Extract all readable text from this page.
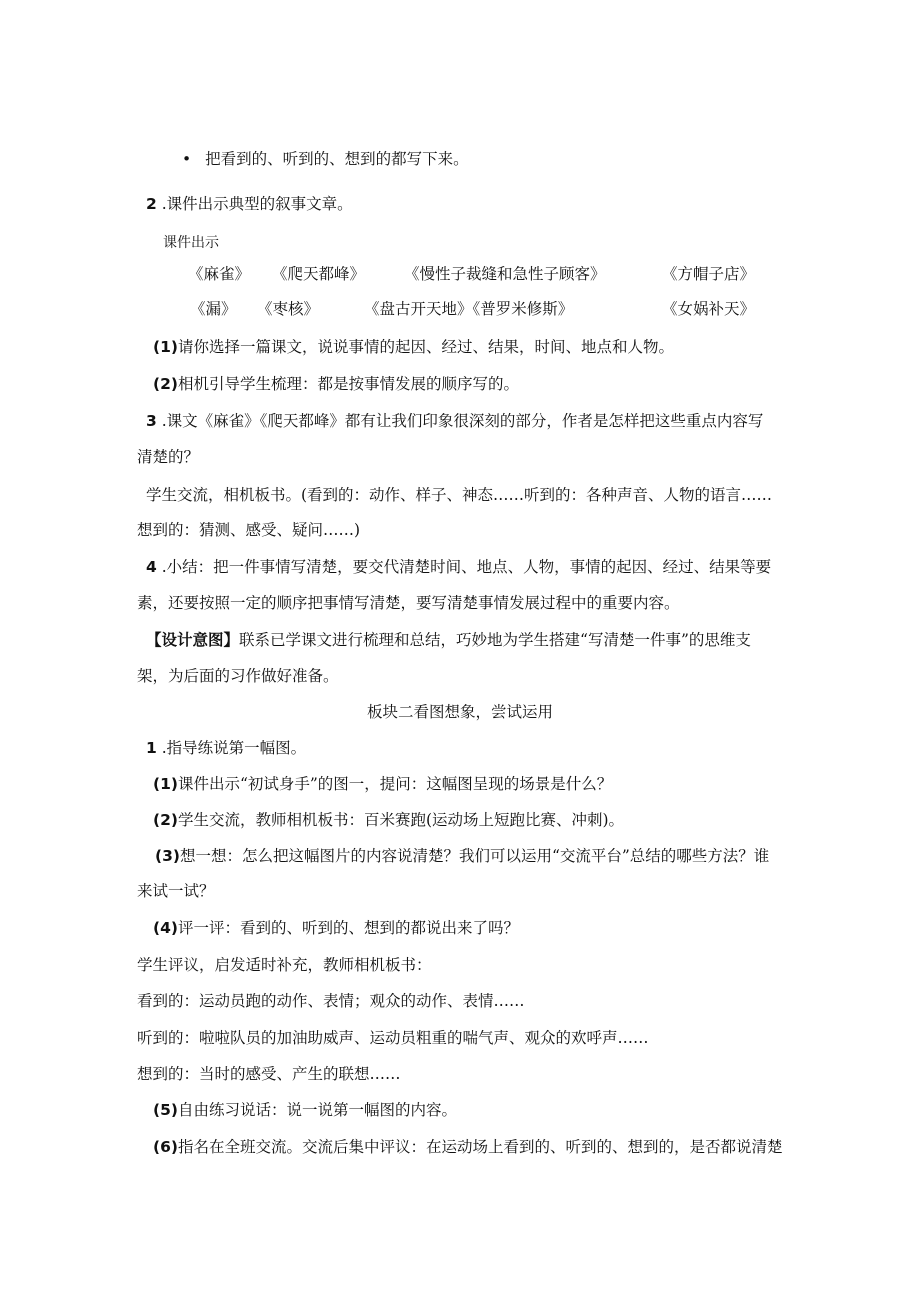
• 把看到的、听到的、想到的都写下来。
2 .课件出示典型的叙事文章。
课件出示
《麻雀》 《爬天都峰》	《慢性子裁缝和急性子顾客》	《方帽子店》
《漏》 《枣核》	《盘古开天地》《普罗米修斯》	《女娲补天》
(1)请你选择一篇课文，说说事情的起因、经过、结果，时间、地点和人物。
(2)相机引导学生梳理：都是按事情发展的顺序写的。
3 .课文《麻雀》《爬天都峰》都有让我们印象很深刻的部分，作者是怎样把这些重点内容写
清楚的？
学生交流，相机板书。(看到的：动作、样子、神态……听到的：各种声音、人物的语言……
想到的：猜测、感受、疑问……)
4 .小结：把一件事情写清楚，要交代清楚时间、地点、人物，事情的起因、经过、结果等要
素，还要按照一定的顺序把事情写清楚，要写清楚事情发展过程中的重要内容。
【设计意图】联系已学课文进行梳理和总结，巧妙地为学生搭建“写清楚一件事”的思维支
架，为后面的习作做好准备。
板块二看图想象，尝试运用
1 .指导练说第一幅图。
(1)课件出示“初试身手”的图一，提问：这幅图呈现的场景是什么？
(2)学生交流，教师相机板书：百米赛跑(运动场上短跑比赛、冲刺)。
(3)想一想：怎么把这幅图片的内容说清楚？我们可以运用“交流平台”总结的哪些方法？谁
来试一试？
(4)评一评：看到的、听到的、想到的都说出来了吗？
学生评议，启发适时补充，教师相机板书：
看到的：运动员跑的动作、表情；观众的动作、表情……
听到的：啦啦队员的加油助威声、运动员粗重的喘气声、观众的欢呼声……
想到的：当时的感受、产生的联想……
(5)自由练习说话：说一说第一幅图的内容。
(6)指名在全班交流。交流后集中评议：在运动场上看到的、听到的、想到的，是否都说清楚
